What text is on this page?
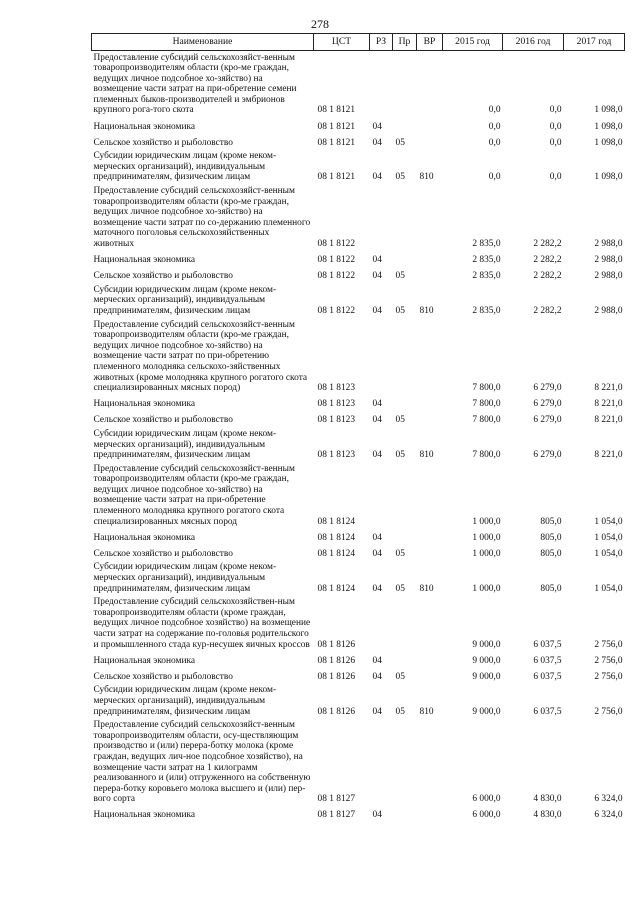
278
Наименование	ЦСТ	РЗ	Пр	ВР	2015 год	2016 год	2017 год
Предоставление субсидий сельскохозяйст-венным товаропроизводителям области (кро-ме граждан, ведущих личное подсобное хо-зяйство) на возмещение части затрат на при-обретение семени племенных быков-производителей и эмбрионов крупного рога-того скота	08 1 8121				0,0	0,0	1 098,0
Национальная экономика	08 1 8121	04			0,0	0,0	1 098,0
Сельское хозяйство и рыболовство	08 1 8121	04	05		0,0	0,0	1 098,0
Субсидии юридическим лицам (кроме неком-мерческих организаций), индивидуальным предпринимателям, физическим лицам	08 1 8121	04	05	810	0,0	0,0	1 098,0
Предоставление субсидий сельскохозяйст-венным товаропроизводителям области (кро-ме граждан, ведущих личное подсобное хо-зяйство) на возмещение части затрат по со-держанию племенного маточного поголовья сельскохозяйственных животных	08 1 8122				2 835,0	2 282,2	2 988,0
Национальная экономика	08 1 8122	04			2 835,0	2 282,2	2 988,0
Сельское хозяйство и рыболовство	08 1 8122	04	05		2 835,0	2 282,2	2 988,0
Субсидии юридическим лицам (кроме неком-мерческих организаций), индивидуальным предпринимателям, физическим лицам	08 1 8122	04	05	810	2 835,0	2 282,2	2 988,0
Предоставление субсидий сельскохозяйст-венным товаропроизводителям области (кро-ме граждан, ведущих личное подсобное хо-зяйство) на возмещение части затрат по при-обретению племенного молодняка сельскохо-зяйственных животных (кроме молодняка крупного рогатого скота специализированных мясных пород)	08 1 8123				7 800,0	6 279,0	8 221,0
Национальная экономика	08 1 8123	04			7 800,0	6 279,0	8 221,0
Сельское хозяйство и рыболовство	08 1 8123	04	05		7 800,0	6 279,0	8 221,0
Субсидии юридическим лицам (кроме неком-мерческих организаций), индивидуальным предпринимателям, физическим лицам	08 1 8123	04	05	810	7 800,0	6 279,0	8 221,0
Предоставление субсидий сельскохозяйст-венным товаропроизводителям области (кро-ме граждан, ведущих личное подсобное хо-зяйство) на возмещение части затрат на при-обретение племенного молодняка крупного рогатого скота специализированных мясных пород	08 1 8124				1 000,0	805,0	1 054,0
Национальная экономика	08 1 8124	04			1 000,0	805,0	1 054,0
Сельское хозяйство и рыболовство	08 1 8124	04	05		1 000,0	805,0	1 054,0
Субсидии юридическим лицам (кроме неком-мерческих организаций), индивидуальным предпринимателям, физическим лицам	08 1 8124	04	05	810	1 000,0	805,0	1 054,0
Предоставление субсидий сельскохозяйствен-ным товаропроизводителям области (кроме граждан, ведущих личное подсобное хозяйство) на возмещение части затрат на содержание по-головья родительского и промышленного стада кур-несушек яичных кроссов	08 1 8126				9 000,0	6 037,5	2 756,0
Национальная экономика	08 1 8126	04			9 000,0	6 037,5	2 756,0
Сельское хозяйство и рыболовство	08 1 8126	04	05		9 000,0	6 037,5	2 756,0
Субсидии юридическим лицам (кроме неком-мерческих организаций), индивидуальным предпринимателям, физическим лицам	08 1 8126	04	05	810	9 000,0	6 037,5	2 756,0
Предоставление субсидий сельскохозяйст-венным товаропроизводителям области, осу-ществляющим производство и (или) перера-ботку молока (кроме граждан, ведущих лич-ное подсобное хозяйство), на возмещение части затрат на 1 килограмм реализованного и (или) отгруженного на собственную перера-ботку коровьего молока высшего и (или) пер-вого сорта	08 1 8127				6 000,0	4 830,0	6 324,0
Национальная экономика	08 1 8127	04			6 000,0	4 830,0	6 324,0
